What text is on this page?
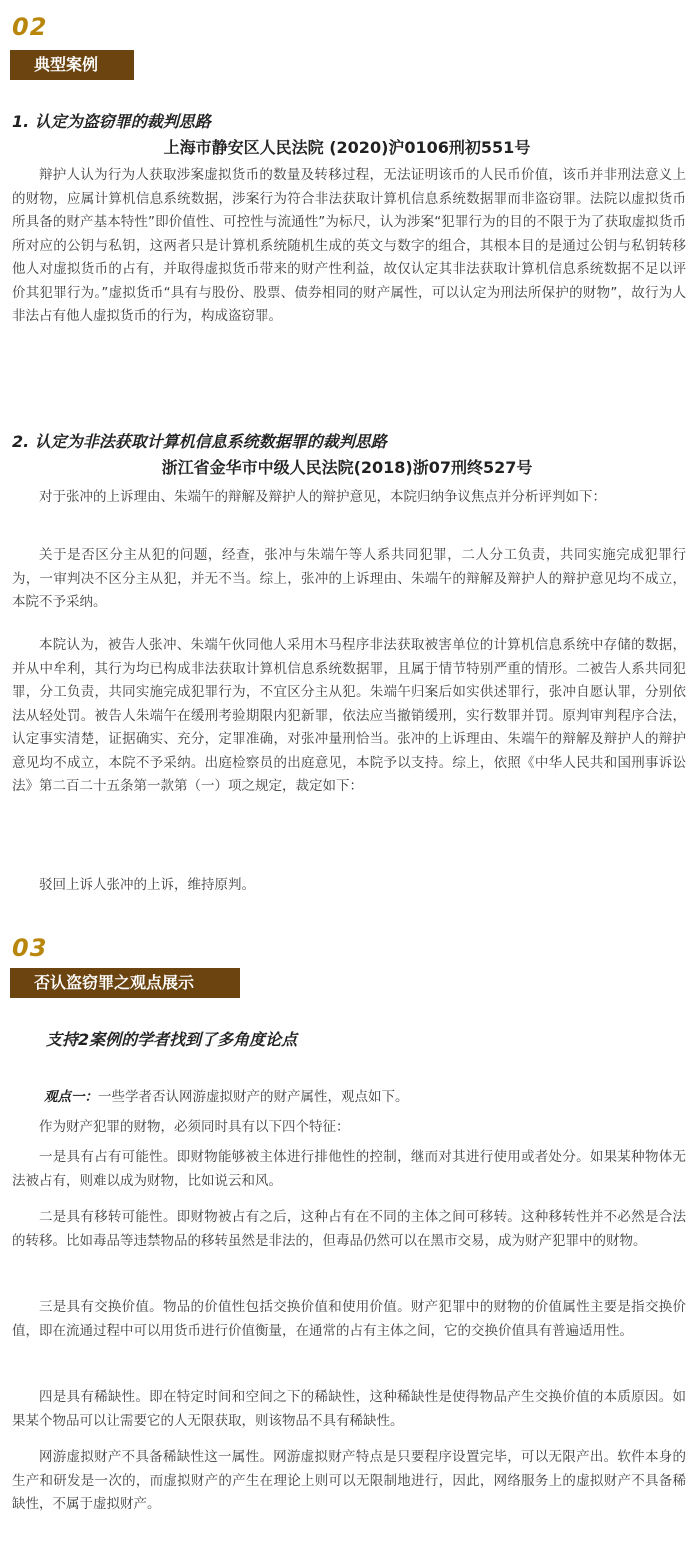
02
典型案例
1. 认定为盗窃罪的裁判思路
上海市静安区人民法院 (2020)沪0106刑初551号

辩护人认为行为人获取涉案虚拟货币的数量及转移过程，无法证明该币的人民币价值，该币并非刑法意义上的财物，应属计算机信息系统数据，涉案行为符合非法获取计算机信息系统数据罪而非盗窃罪。法院以虚拟货币所具备的财产基本特性”即价值性、可控性与流通性”为标尺，认为涉案“犯罪行为的目的不限于为了获取虚拟货币所对应的公钥与私钥，这两者只是计算机系统随机生成的英文与数字的组合，其根本目的是通过公钥与私钥转移他人对虚拟货币的占有，并取得虚拟货币带来的财产性利益，故仅认定其非法获取计算机信息系统数据不足以评价其犯罪行为。”虚拟货币“具有与股份、股票、债券相同的财产属性，可以认定为刑法所保护的财物”，故行为人非法占有他人虚拟货币的行为，构成盗窃罪。

2. 认定为非法获取计算机信息系统数据罪的裁判思路
浙江省金华市中级人民法院(2018)浙07刑终527号

对于张冲的上诉理由、朱端午的辩解及辩护人的辩护意见，本院归纳争议焦点并分析评判如下：

关于是否区分主从犯的问题，经查，张冲与朱端午等人系共同犯罪，二人分工负责，共同实施完成犯罪行为，一审判决不区分主从犯，并无不当。综上，张冲的上诉理由、朱端午的辩解及辩护人的辩护意见均不成立，本院不予采纳。

本院认为，被告人张冲、朱端午伙同他人采用木马程序非法获取被害单位的计算机信息系统中存储的数据，并从中牟利，其行为均已构成非法获取计算机信息系统数据罪，且属于情节特别严重的情形。二被告人系共同犯罪，分工负责，共同实施完成犯罪行为，不宜区分主从犯。朱端午归案后如实供述罪行，张冲自愿认罪，分别依法从轻处罚。被告人朱端午在缓刑考验期限内犯新罪，依法应当撤销缓刑，实行数罪并罚。原判审判程序合法，认定事实清楚，证据确实、充分，定罪准确，对张冲量刑恰当。张冲的上诉理由、朱端午的辩解及辩护人的辩护意见均不成立，本院不予采纳。出庭检察员的出庭意见，本院予以支持。综上，依照《中华人民共和国刑事诉讼法》第二百二十五条第一款第（一）项之规定，裁定如下：

驳回上诉人张冲的上诉，维持原判。

03
否认盗窃罪之观点展示
支持2案例的学者找到了多角度论点

观点一：一些学者否认网游虚拟财产的财产属性，观点如下。

作为财产犯罪的财物，必须同时具有以下四个特征：

一是具有占有可能性。即财物能够被主体进行排他性的控制，继而对其进行使用或者处分。如果某种物体无法被占有，则难以成为财物，比如说云和风。

二是具有移转可能性。即财物被占有之后，这种占有在不同的主体之间可移转。这种移转性并不必然是合法的转移。比如毒品等违禁物品的移转虽然是非法的，但毒品仍然可以在黑市交易，成为财产犯罪中的财物。

三是具有交换价值。物品的价值性包括交换价值和使用价值。财产犯罪中的财物的价值属性主要是指交换价值，即在流通过程中可以用货币进行价值衡量，在通常的占有主体之间，它的交换价值具有普遍适用性。

四是具有稀缺性。即在特定时间和空间之下的稀缺性，这种稀缺性是使得物品产生交换价值的本质原因。如果某个物品可以让需要它的人无限获取，则该物品不具有稀缺性。

网游虚拟财产不具备稀缺性这一属性。网游虚拟财产特点是只要程序设置完毕，可以无限产出。软件本身的生产和研发是一次的，而虚拟财产的产生在理论上则可以无限制地进行，因此，网络服务上的虚拟财产不具备稀缺性，不属于虚拟财产。
